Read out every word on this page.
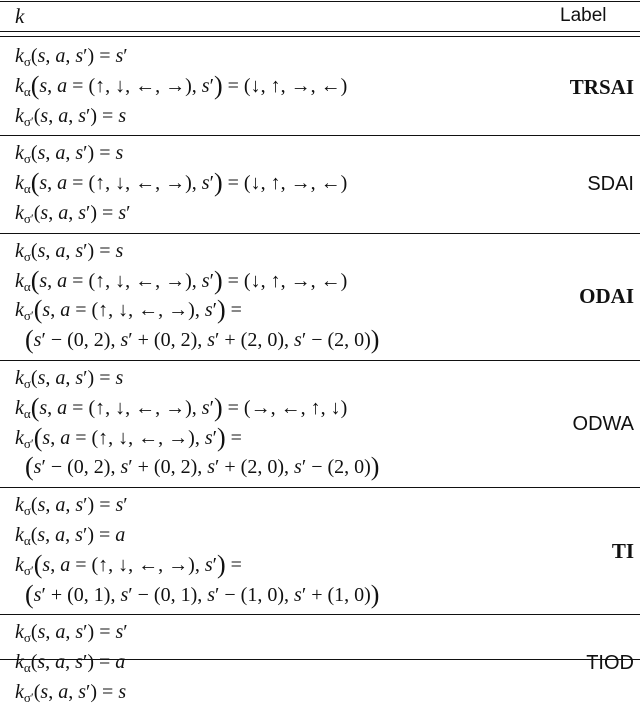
k	Label
$k_\sigma(s$, a, s′) = s′
$k_\alpha(s$, a = (↑, ↓, ←, →), s′) = (↓, ↑, →, ←)
$k_{\sigma'}(s$, a, s′) = s
TRSAI
$k_\sigma(s$, a, s′) = s
$k_\alpha(s$, a = (↑, ↓, ←, →), s′) = (↓, ↑, →, ←)
$k_{\sigma'}(s$, a, s′) = s′
SDAI
$k_\sigma(s$, a, s′) = s
$k_\alpha(s$, a = (↑, ↓, ←, →), s′) = (↓, ↑, →, ←)
$k_{\sigma'}(s$, a = (↑, ↓, ←, →), s′) =
(s′ − (0, 2), s′ + (0, 2), s′ + (2, 0), s′ − (2, 0))
ODAI
$k_\sigma(s$, a, s′) = s
$k_\alpha(s$, a = (↑, ↓, ←, →), s′) = (→, ←, ↑, ↓)
$k_{\sigma'}(s$, a = (↑, ↓, ←, →), s′) =
(s′ − (0, 2), s′ + (0, 2), s′ + (2, 0), s′ − (2, 0))
ODWA
$k_\sigma(s$, a, s′) = s′
$k_\alpha(s$, a, s′) = a
$k_{\sigma'}(s$, a = (↑, ↓, ←, →), s′) =
(s′ + (0, 1), s′ − (0, 1), s′ − (1, 0), s′ + (1, 0))
TI
$k_\sigma(s$, a, s′) = s′
$k_\alpha(s$, a, s′) = a
$k_{\sigma'}(s$, a, s′) = s
TIOD
